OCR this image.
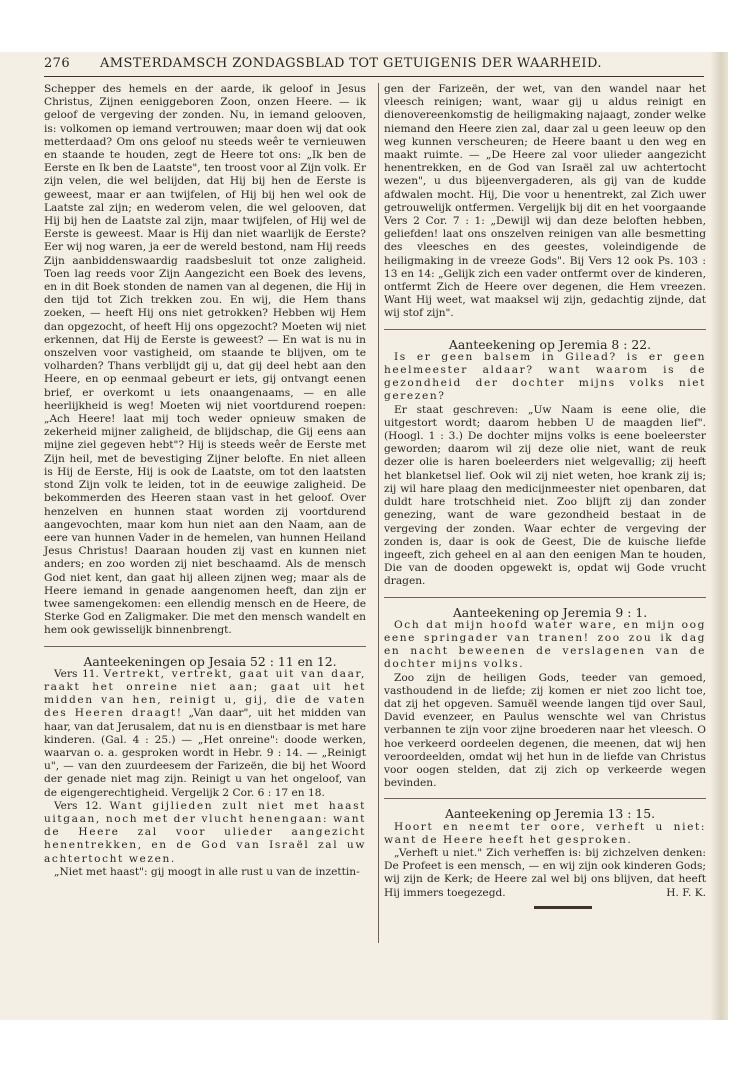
276 AMSTERDAMSCH ZONDAGSBLAD TOT GETUIGENIS DER WAARHEID.

Schepper des hemels en der aarde, ik geloof in Jesus Christus, Zijnen eeniggeboren Zoon, onzen Heere. — ik geloof de vergeving der zonden. Nu, in iemand gelooven, is: volkomen op iemand vertrouwen; maar doen wij dat ook metterdaad? Om ons geloof nu steeds weêr te vernieuwen en staande te houden, zegt de Heere tot ons: „Ik ben de Eerste en Ik ben de Laatste", ten troost voor al Zijn volk. Er zijn velen, die wel belijden, dat Hij bij hen de Eerste is geweest, maar er aan twijfelen, of Hij bij hen wel ook de Laatste zal zijn; en wederom velen, die wel gelooven, dat Hij bij hen de Laatste zal zijn, maar twijfelen, of Hij wel de Eerste is geweest. Maar is Hij dan niet waarlijk de Eerste? Eer wij nog waren, ja eer de wereld bestond, nam Hij reeds Zijn aanbiddenswaardig raadsbesluit tot onze zaligheid. Toen lag reeds voor Zijn Aangezicht een Boek des levens, en in dit Boek stonden de namen van al degenen, die Hij in den tijd tot Zich trekken zou. En wij, die Hem thans zoeken, — heeft Hij ons niet getrokken? Hebben wij Hem dan opgezocht, of heeft Hij ons opgezocht? Moeten wij niet erkennen, dat Hij de Eerste is geweest? — En wat is nu in onszelven voor vastigheid, om staande te blijven, om te volharden? Thans verblijdt gij u, dat gij deel hebt aan den Heere, en op eenmaal gebeurt er iets, gij ontvangt eenen brief, er overkomt u iets onaangenaams, — en alle heerlijkheid is weg! Moeten wij niet voortdurend roepen: „Ach Heere! laat mij toch weder opnieuw smaken de zekerheid mijner zaligheid, de blijdschap, die Gij eens aan mijne ziel gegeven hebt"? Hij is steeds weêr de Eerste met Zijn heil, met de bevestiging Zijner belofte. En niet alleen is Hij de Eerste, Hij is ook de Laatste, om tot den laatsten stond Zijn volk te leiden, tot in de eeuwige zaligheid. De bekommerden des Heeren staan vast in het geloof. Over henzelven en hunnen staat worden zij voortdurend aangevochten, maar kom hun niet aan den Naam, aan de eere van hunnen Vader in de hemelen, van hunnen Heiland Jesus Christus! Daaraan houden zij vast en kunnen niet anders; en zoo worden zij niet beschaamd. Als de mensch God niet kent, dan gaat hij alleen zijnen weg; maar als de Heere iemand in genade aangenomen heeft, dan zijn er twee samengekomen: een ellendig mensch en de Heere, de Sterke God en Zaligmaker. Die met den mensch wandelt en hem ook gewisselijk binnenbrengt.

Aanteekeningen op Jesaia 52 : 11 en 12.

Vers 11. Vertrekt, vertrekt, gaat uit van daar, raakt het onreine niet aan; gaat uit het midden van hen, reinigt u, gij, die de vaten des Heeren draagt! „Van daar", uit het midden van haar, van dat Jerusalem, dat nu is en dienstbaar is met hare kinderen. (Gal. 4 : 25.) — „Het onreine": doode werken, waarvan o. a. gesproken wordt in Hebr. 9 : 14. — „Reinigt u", — van den zuurdeesem der Farizeën, die bij het Woord der genade niet mag zijn. Reinigt u van het ongeloof, van de eigengerechtigheid. Vergelijk 2 Cor. 6 : 17 en 18.

Vers 12. Want gijlieden zult niet met haast uitgaan, noch met der vlucht henengaan: want de Heere zal voor ulieder aangezicht henentrekken, en de God van Israël zal uw achtertocht wezen.

„Niet met haast": gij moogt in alle rust u van de inzettin-

gen der Farizeën, der wet, van den wandel naar het vleesch reinigen; want, waar gij u aldus reinigt en dienovereenkomstig de heiligmaking najaagt, zonder welke niemand den Heere zien zal, daar zal u geen leeuw op den weg kunnen verscheuren; de Heere baant u den weg en maakt ruimte. — „De Heere zal voor ulieder aangezicht henentrekken, en de God van Israël zal uw achtertocht wezen", u dus bijeenvergaderen, als gij van de kudde afdwalen mocht. Hij, Die voor u henentrekt, zal Zich uwer getrouwelijk ontfermen. Vergelijk bij dit en het voorgaande Vers 2 Cor. 7 : 1: „Dewijl wij dan deze beloften hebben, geliefden! laat ons onszelven reinigen van alle besmetting des vleesches en des geestes, voleindigende de heiligmaking in de vreeze Gods". Bij Vers 12 ook Ps. 103 : 13 en 14: „Gelijk zich een vader ontfermt over de kinderen, ontfermt Zich de Heere over degenen, die Hem vreezen. Want Hij weet, wat maaksel wij zijn, gedachtig zijnde, dat wij stof zijn".

Aanteekening op Jeremia 8 : 22.

Is er geen balsem in Gilead? is er geen heelmeester aldaar? want waarom is de gezondheid der dochter mijns volks niet gerezen?

Er staat geschreven: „Uw Naam is eene olie, die uitgestort wordt; daarom hebben U de maagden lief". (Hoogl. 1 : 3.) De dochter mijns volks is eene boeleerster geworden; daarom wil zij deze olie niet, want de reuk dezer olie is haren boeleerders niet welgevallig; zij heeft het blanketsel lief. Ook wil zij niet weten, hoe krank zij is; zij wil hare plaag den medicijnmeester niet openbaren, dat duldt hare trotschheid niet. Zoo blijft zij dan zonder genezing, want de ware gezondheid bestaat in de vergeving der zonden. Waar echter de vergeving der zonden is, daar is ook de Geest, Die de kuische liefde ingeeft, zich geheel en al aan den eenigen Man te houden, Die van de dooden opgewekt is, opdat wij Gode vrucht dragen.

Aanteekening op Jeremia 9 : 1.

Och dat mijn hoofd water ware, en mijn oog eene springader van tranen! zoo zou ik dag en nacht beweenen de verslagenen van de dochter mijns volks.

Zoo zijn de heiligen Gods, teeder van gemoed, vasthoudend in de liefde; zij komen er niet zoo licht toe, dat zij het opgeven. Samuël weende langen tijd over Saul, David evenzeer, en Paulus wenschte wel van Christus verbannen te zijn voor zijne broederen naar het vleesch. O hoe verkeerd oordeelen degenen, die meenen, dat wij hen veroordeelden, omdat wij het hun in de liefde van Christus voor oogen stelden, dat zij zich op verkeerde wegen bevinden.

Aanteekening op Jeremia 13 : 15.

Hoort en neemt ter oore, verheft u niet: want de Heere heeft het gesproken.

„Verheft u niet." Zich verheffen is: bij zichzelven denken: De Profeet is een mensch, — en wij zijn ook kinderen Gods; wij zijn de Kerk; de Heere zal wel bij ons blijven, dat heeft Hij immers toegezegd.	H. F. K.
